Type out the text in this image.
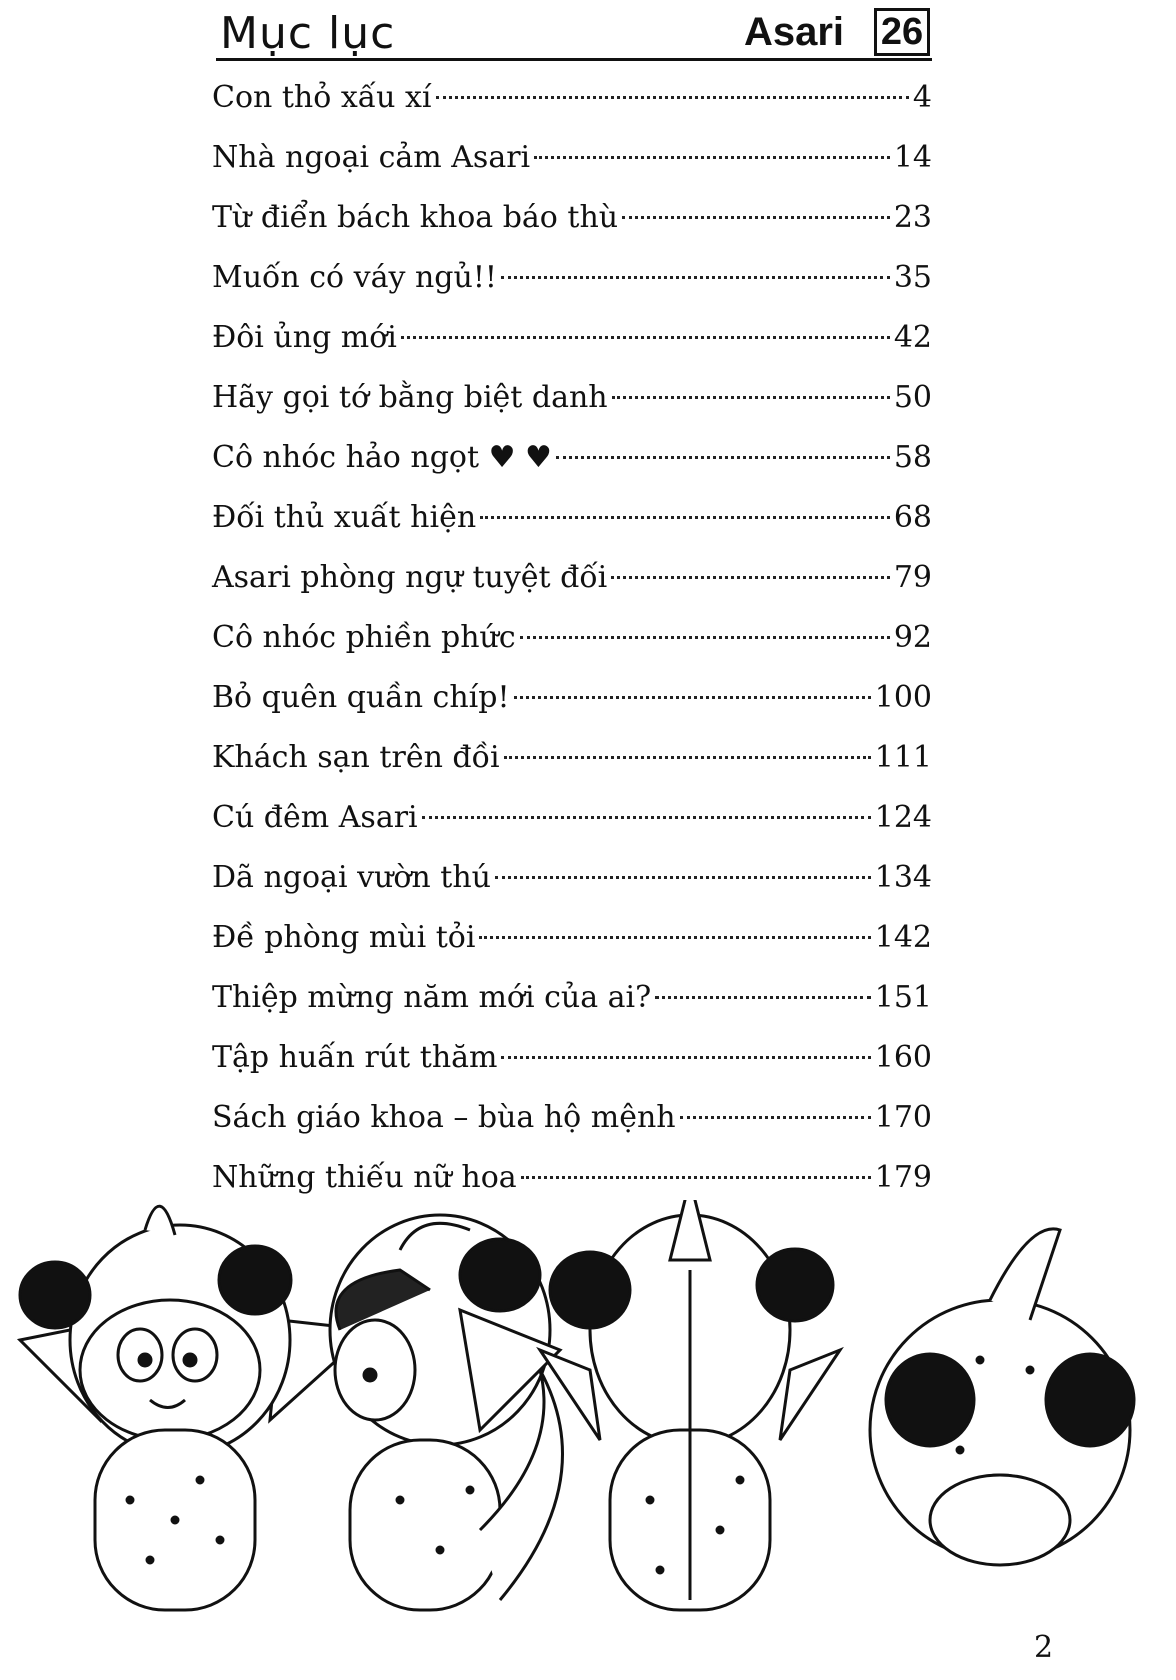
Mục lục	Asari 26
Con thỏ xấu xí	4
Nhà ngoại cảm Asari	14
Từ điển bách khoa báo thù	23
Muốn có váy ngủ!!	35
Đôi ủng mới	42
Hãy gọi tớ bằng biệt danh	50
Cô nhóc hảo ngọt ♥ ♥	58
Đối thủ xuất hiện	68
Asari phòng ngự tuyệt đối	79
Cô nhóc phiền phức	92
Bỏ quên quần chíp!	100
Khách sạn trên đồi	111
Cú đêm Asari	124
Dã ngoại vườn thú	134
Đề phòng mùi tỏi	142
Thiệp mừng năm mới của ai?	151
Tập huấn rút thăm	160
Sách giáo khoa – bùa hộ mệnh	170
Những thiếu nữ hoa	179
2
